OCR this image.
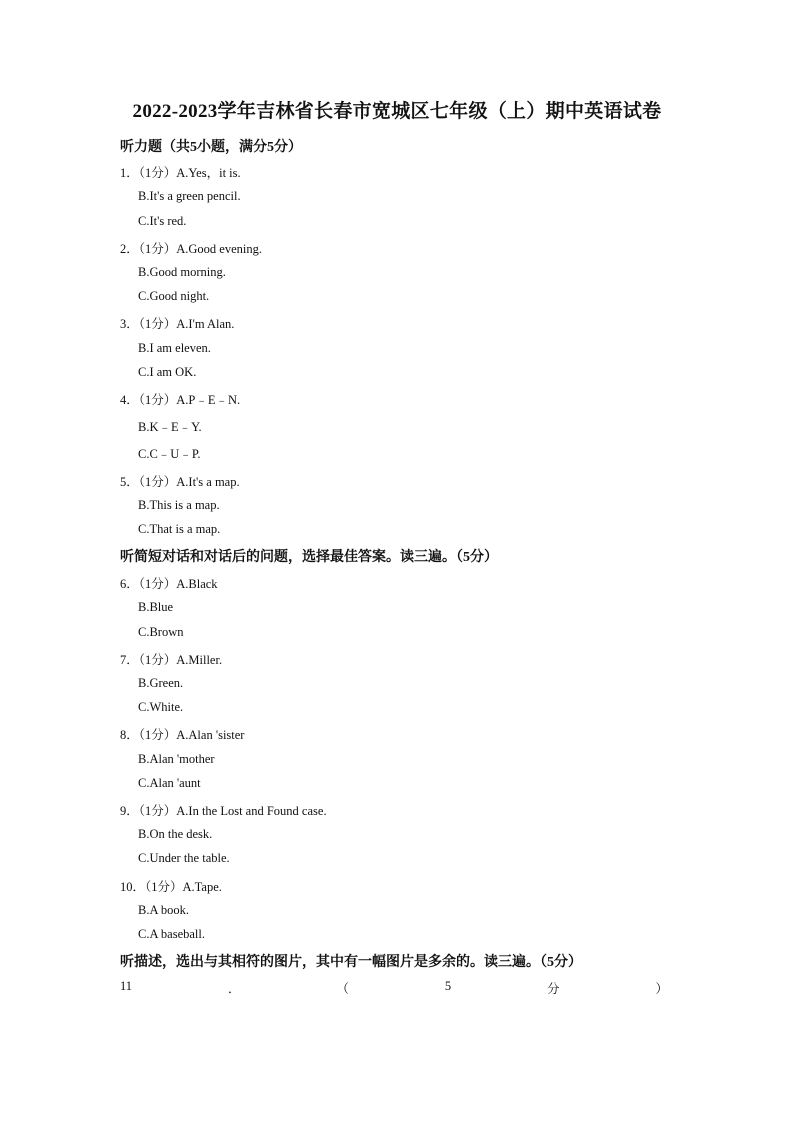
2022-2023学年吉林省长春市宽城区七年级（上）期中英语试卷
听力题（共5小题，满分5分）
1．（1分）A.Yes，it is.
B.It's a green pencil.
C.It's red.
2．（1分）A.Good evening.
B.Good morning.
C.Good night.
3．（1分）A.I'm Alan.
B.I am eleven.
C.I am OK.
4．（1分）A.P﹣E﹣N.
B.K﹣E﹣Y.
C.C﹣U﹣P.
5．（1分）A.It's a map.
B.This is a map.
C.That is a map.
听简短对话和对话后的问题，选择最佳答案。读三遍。（5分）
6．（1分）A.Black
B.Blue
C.Brown
7．（1分）A.Miller.
B.Green.
C.White.
8．（1分）A.Alan 'sister
B.Alan 'mother
C.Alan 'aunt
9．（1分）A.In the Lost and Found case.
B.On the desk.
C.Under the table.
10．（1分）A.Tape.
B.A book.
C.A baseball.
听描述，选出与其相符的图片，其中有一幅图片是多余的。读三遍。（5分）
11	．	（	5	分	）
